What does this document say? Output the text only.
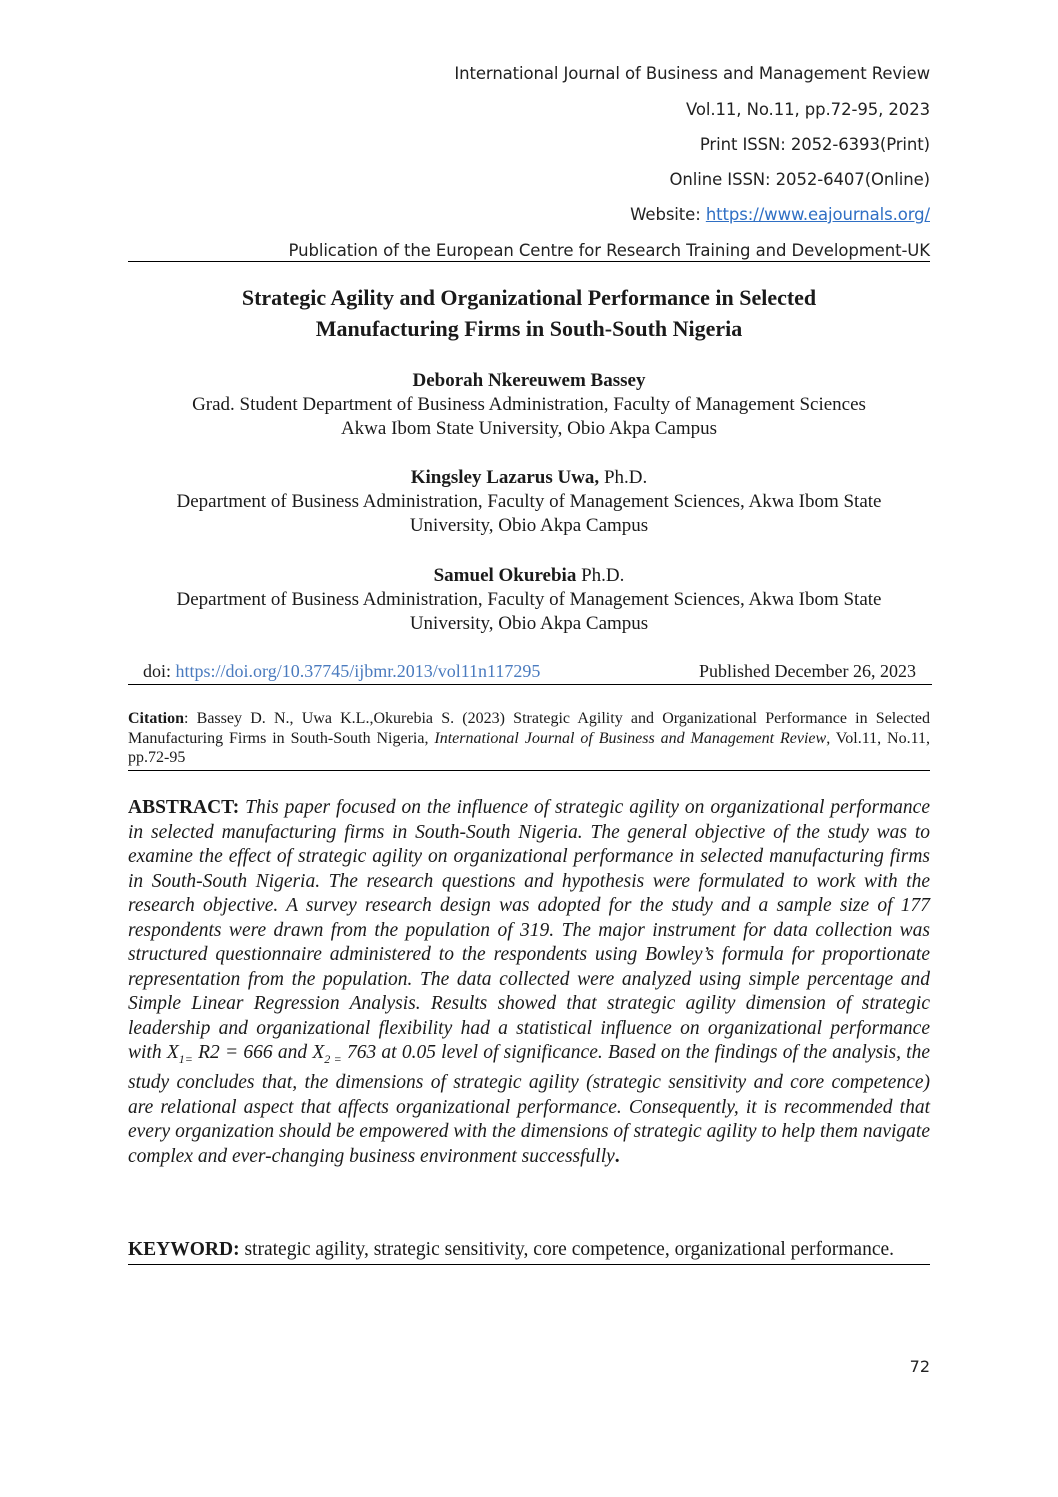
International Journal of Business and Management Review
Vol.11, No.11, pp.72-95, 2023
Print ISSN: 2052-6393(Print)
Online ISSN: 2052-6407(Online)
Website: https://www.eajournals.org/
Publication of the European Centre for Research Training and Development-UK
Strategic Agility and Organizational Performance in Selected
Manufacturing Firms in South-South Nigeria
Deborah Nkereuwem Bassey
Grad. Student Department of Business Administration, Faculty of Management Sciences
Akwa Ibom State University, Obio Akpa Campus
Kingsley Lazarus Uwa, Ph.D.
Department of Business Administration, Faculty of Management Sciences, Akwa Ibom State
University, Obio Akpa Campus
Samuel Okurebia Ph.D.
Department of Business Administration, Faculty of Management Sciences, Akwa Ibom State
University, Obio Akpa Campus
doi: https://doi.org/10.37745/ijbmr.2013/vol11n117295	Published December 26, 2023
Citation: Bassey D. N., Uwa K.L.,Okurebia S. (2023) Strategic Agility and Organizational Performance in Selected Manufacturing Firms in South-South Nigeria, International Journal of Business and Management Review, Vol.11, No.11, pp.72-95
ABSTRACT: This paper focused on the influence of strategic agility on organizational performance in selected manufacturing firms in South-South Nigeria. The general objective of the study was to examine the effect of strategic agility on organizational performance in selected manufacturing firms in South-South Nigeria. The research questions and hypothesis were formulated to work with the research objective. A survey research design was adopted for the study and a sample size of 177 respondents were drawn from the population of 319. The major instrument for data collection was structured questionnaire administered to the respondents using Bowley’s formula for proportionate representation from the population. The data collected were analyzed using simple percentage and Simple Linear Regression Analysis. Results showed that strategic agility dimension of strategic leadership and organizational flexibility had a statistical influence on organizational performance with $X_{1=}$ R2 = 666 and $X_{2 =}$ 763 at 0.05 level of significance. Based on the findings of the analysis, the study concludes that, the dimensions of strategic agility (strategic sensitivity and core competence) are relational aspect that affects organizational performance. Consequently, it is recommended that every organization should be empowered with the dimensions of strategic agility to help them navigate complex and ever-changing business environment successfully.
KEYWORD: strategic agility, strategic sensitivity, core competence, organizational performance.
72
